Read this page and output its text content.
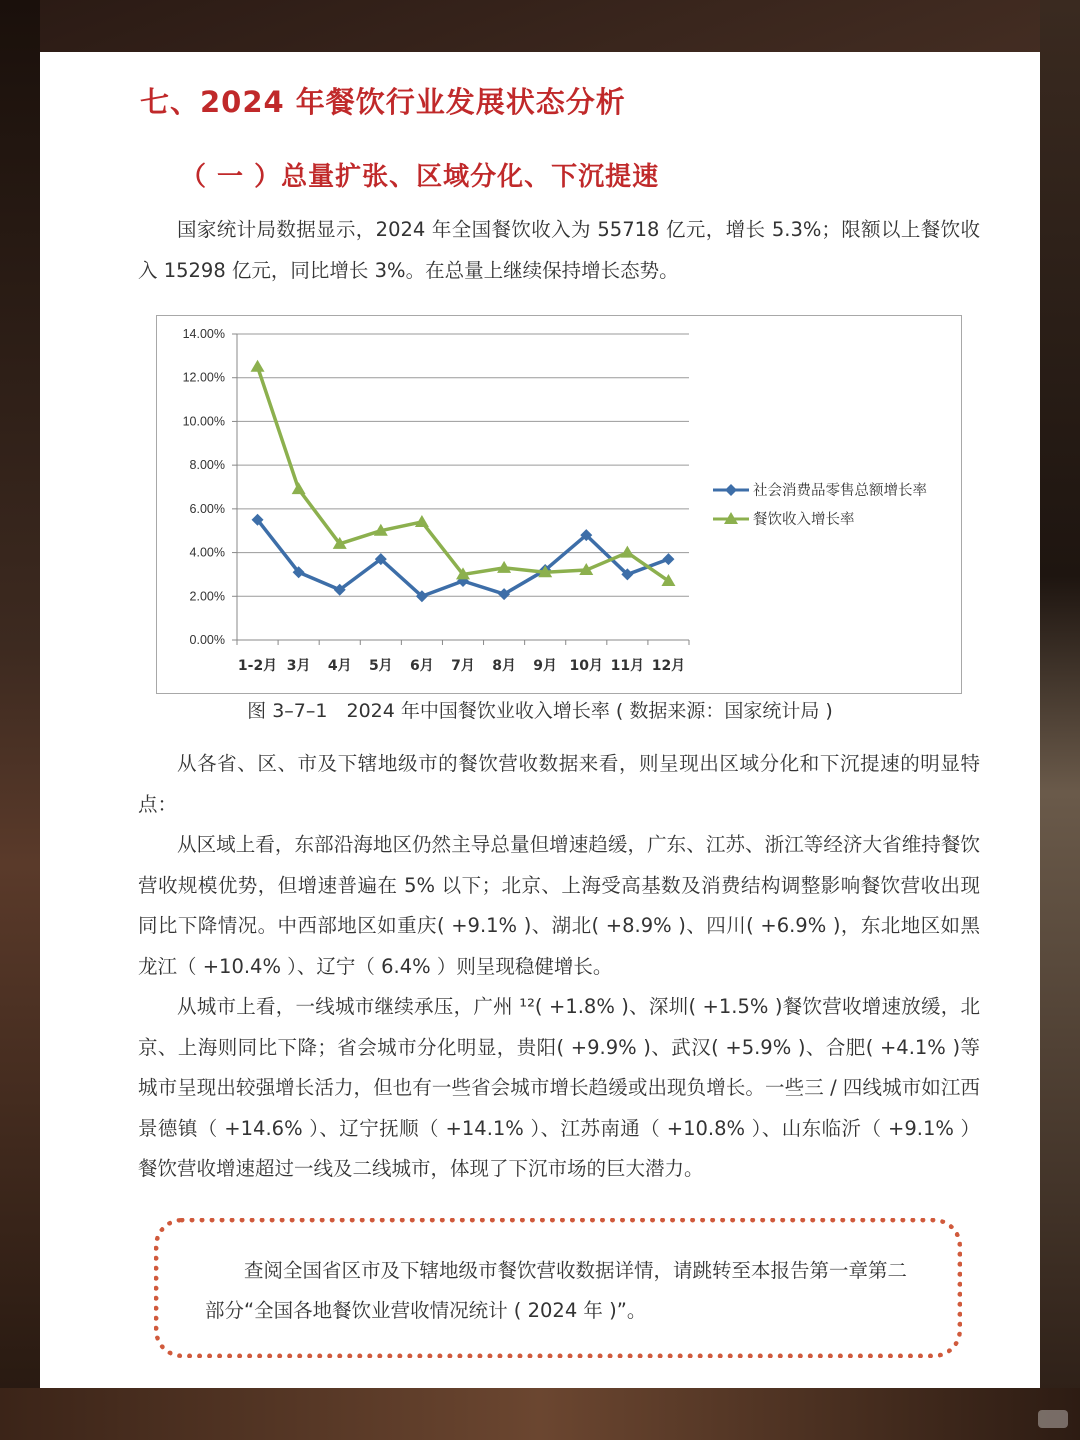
七、2024 年餐饮行业发展状态分析
（ 一 ）总量扩张、区域分化、下沉提速

国家统计局数据显示，2024 年全国餐饮收入为 55718 亿元，增长 5.3%；限额以上餐饮收入 15298 亿元，同比增长 3%。在总量上继续保持增长态势。

0.00%
2.00%
4.00%
6.00%
8.00%
10.00%
12.00%
14.00%
1-2月 3月 4月 5月 6月 7月 8月 9月 10月 11月 12月
社会消费品零售总额增长率
餐饮收入增长率
图 3–7–1　2024 年中国餐饮业收入增长率 ( 数据来源：国家统计局 )

从各省、区、市及下辖地级市的餐饮营收数据来看，则呈现出区域分化和下沉提速的明显特点：

从区域上看，东部沿海地区仍然主导总量但增速趋缓，广东、江苏、浙江等经济大省维持餐饮营收规模优势，但增速普遍在 5% 以下；北京、上海受高基数及消费结构调整影响餐饮营收出现同比下降情况。中西部地区如重庆( +9.1% )、湖北( +8.9% )、四川( +6.9% )，东北地区如黑龙江（ +10.4% ）、辽宁（ 6.4% ）则呈现稳健增长。

从城市上看，一线城市继续承压，广州 ¹²( +1.8% )、深圳( +1.5% )餐饮营收增速放缓，北京、上海则同比下降；省会城市分化明显，贵阳( +9.9% )、武汉( +5.9% )、合肥( +4.1% )等城市呈现出较强增长活力，但也有一些省会城市增长趋缓或出现负增长。一些三 / 四线城市如江西景德镇（ +14.6% ）、辽宁抚顺（ +14.1% ）、江苏南通（ +10.8% ）、山东临沂（ +9.1% ）餐饮营收增速超过一线及二线城市，体现了下沉市场的巨大潜力。

查阅全国省区市及下辖地级市餐饮营收数据详情，请跳转至本报告第一章第二部分“全国各地餐饮业营收情况统计 ( 2024 年 )”。
